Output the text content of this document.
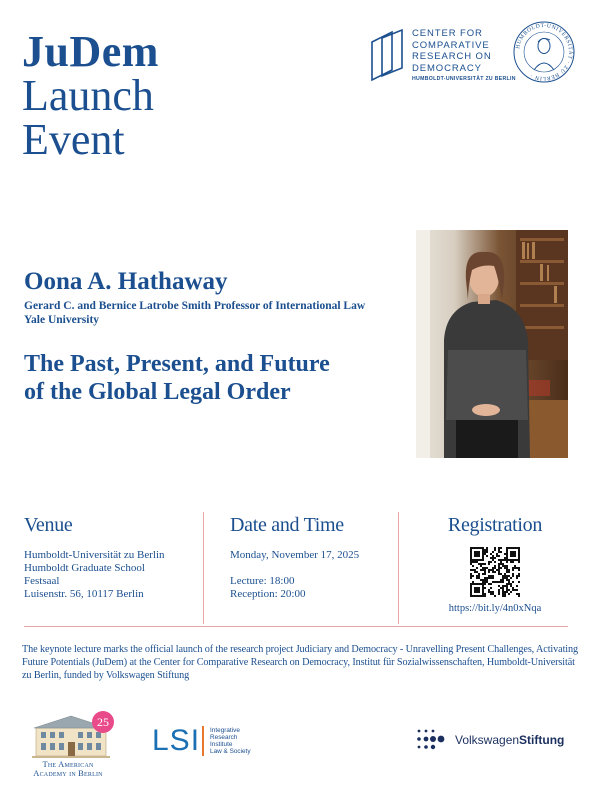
JuDem
Launch
Event
CENTER FOR
COMPARATIVE
RESEARCH ON
DEMOCRACY
HUMBOLDT-UNIVERSITÄT ZU BERLIN
HUMBOLDT-UNIVERSITÄT · ZU BERLIN ·
Oona A. Hathaway
Gerard C. and Bernice Latrobe Smith Professor of International Law
Yale University
The Past, Present, and Future
of the Global Legal Order
Venue
Humboldt-Universität zu Berlin
Humboldt Graduate School
Festsaal
Luisenstr. 56, 10117 Berlin
Date and Time
Monday, November 17, 2025
Lecture: 18:00
Reception: 20:00
Registration
https://bit.ly/4n0xNqa
The keynote lecture marks the official launch of the research project Judiciary and Democracy - Unravelling Present Challenges, Activating Future Potentials (JuDem) at the Center for Comparative Research on Democracy, Institut für Sozialwissenschaften, Humboldt-Universität zu Berlin, funded by Volkswagen Stiftung
25
The American
Academy in Berlin
LSI Integrative
Research
Institute
Law & Society
VolkswagenStiftung
